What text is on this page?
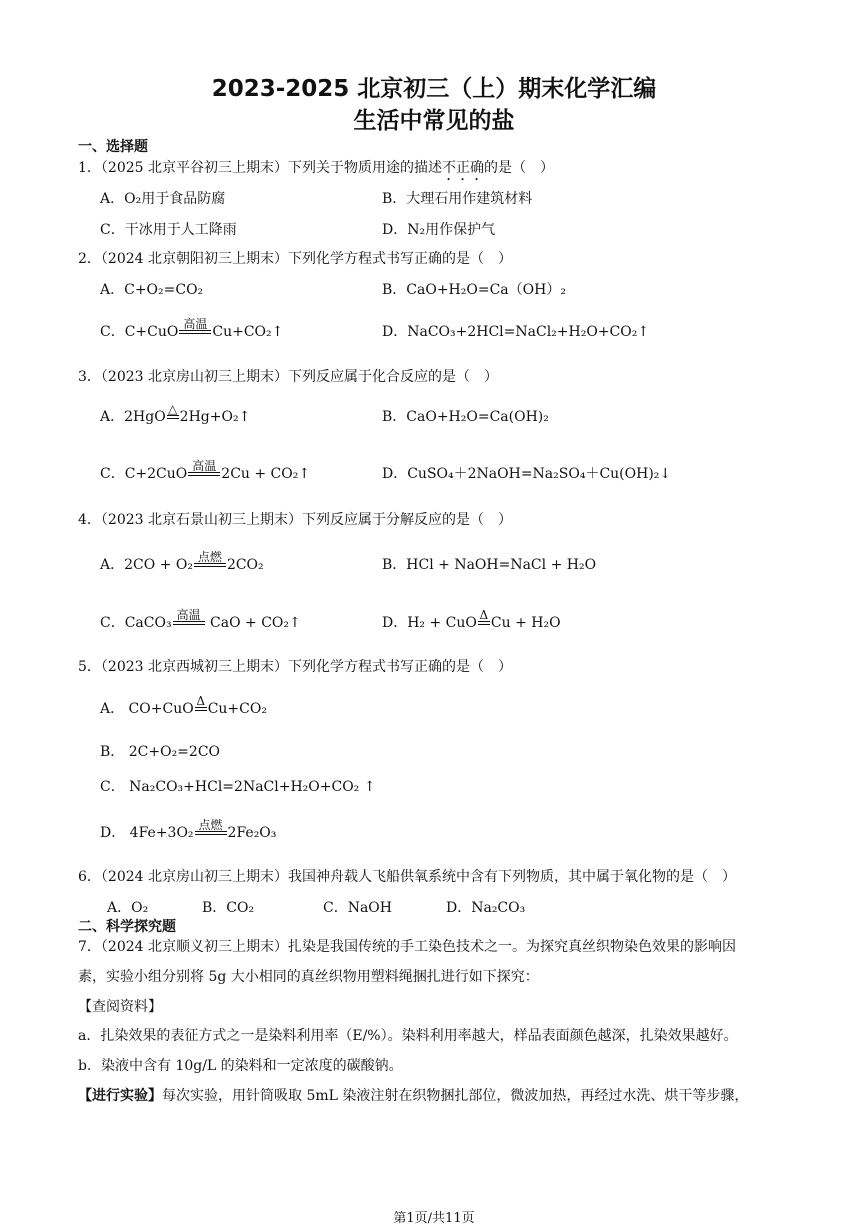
2023-2025 北京初三（上）期末化学汇编
生活中常见的盐
一、选择题
1．（2025 北京平谷初三上期末）下列关于物质用途的描述不正确的是（　）
A．O₂用于食品防腐	B．大理石用作建筑材料
C．干冰用于人工降雨	D．N₂用作保护气
2．（2024 北京朝阳初三上期末）下列化学方程式书写正确的是（　）
A．C+O₂=CO₂	B．CaO+H₂O=Ca（OH）₂
C．C+CuO 高温 Cu+CO₂↑	D．NaCO₃+2HCl=NaCl₂+H₂O+CO₂↑
3．（2023 北京房山初三上期末）下列反应属于化合反应的是（　）
A．2HgO △ 2Hg+O₂↑	B．CaO+H₂O=Ca(OH)₂
C．C+2CuO 高温 2Cu + CO₂↑	D．CuSO₄＋2NaOH=Na₂SO₄＋Cu(OH)₂↓
4．（2023 北京石景山初三上期末）下列反应属于分解反应的是（　）
A．2CO + O₂ 点燃 2CO₂	B．HCl + NaOH=NaCl + H₂O
C．CaCO₃ 高温 CaO + CO₂↑	D．H₂ + CuO Δ Cu + H₂O
5．（2023 北京西城初三上期末）下列化学方程式书写正确的是（　）
A． CO+CuO Δ Cu+CO₂
B． 2C+O₂=2CO
C． Na₂CO₃+HCl=2NaCl+H₂O+CO₂ ↑
D． 4Fe+3O₂ 点燃 2Fe₂O₃
6．（2024 北京房山初三上期末）我国神舟载人飞船供氧系统中含有下列物质，其中属于氧化物的是（　）
A．O₂	B．CO₂	C．NaOH	D．Na₂CO₃
二、科学探究题
7．（2024 北京顺义初三上期末）扎染是我国传统的手工染色技术之一。为探究真丝织物染色效果的影响因
素，实验小组分别将 5g 大小相同的真丝织物用塑料绳捆扎进行如下探究：
【查阅资料】
a．扎染效果的表征方式之一是染料利用率（E/%）。染料利用率越大，样品表面颜色越深，扎染效果越好。
b．染液中含有 10g/L 的染料和一定浓度的碳酸钠。
【进行实验】每次实验，用针筒吸取 5mL 染液注射在织物捆扎部位，微波加热，再经过水洗、烘干等步骤，
第1页/共11页
